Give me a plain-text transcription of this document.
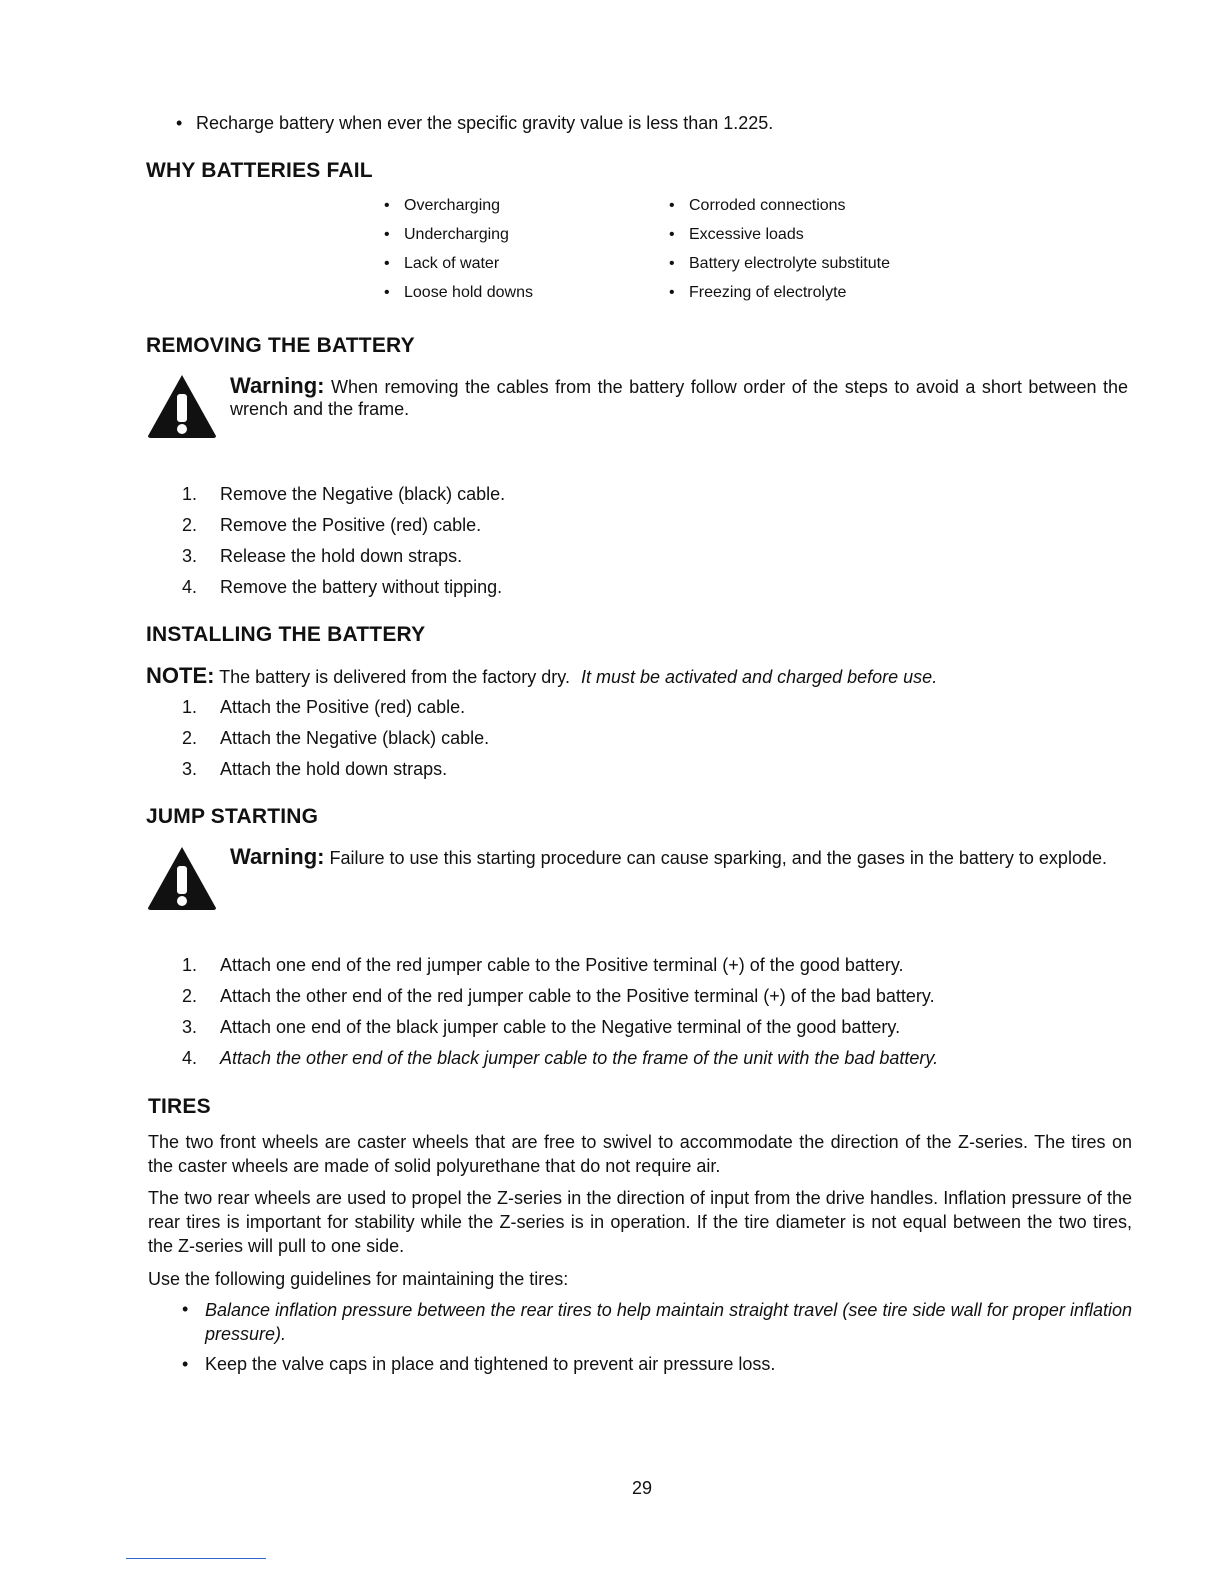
• Recharge battery when ever the specific gravity value is less than 1.225.
WHY BATTERIES FAIL
• Overcharging
• Undercharging
• Lack of water
• Loose hold downs
• Corroded connections
• Excessive loads
• Battery electrolyte substitute
• Freezing of electrolyte
REMOVING THE BATTERY
Warning: When removing the cables from the battery follow order of the steps to avoid a short between the wrench and the frame.
1. Remove the Negative (black) cable.
2. Remove the Positive (red) cable.
3. Release the hold down straps.
4. Remove the battery without tipping.
INSTALLING THE BATTERY
NOTE: The battery is delivered from the factory dry. It must be activated and charged before use.
1. Attach the Positive (red) cable.
2. Attach the Negative (black) cable.
3. Attach the hold down straps.
JUMP STARTING
Warning: Failure to use this starting procedure can cause sparking, and the gases in the battery to explode.
1. Attach one end of the red jumper cable to the Positive terminal (+) of the good battery.
2. Attach the other end of the red jumper cable to the Positive terminal (+) of the bad battery.
3. Attach one end of the black jumper cable to the Negative terminal of the good battery.
4. Attach the other end of the black jumper cable to the frame of the unit with the bad battery.
TIRES
The two front wheels are caster wheels that are free to swivel to accommodate the direction of the Z-series. The tires on the caster wheels are made of solid polyurethane that do not require air.
The two rear wheels are used to propel the Z-series in the direction of input from the drive handles. Inflation pressure of the rear tires is important for stability while the Z-series is in operation. If the tire diameter is not equal between the two tires, the Z-series will pull to one side.
Use the following guidelines for maintaining the tires:
• Balance inflation pressure between the rear tires to help maintain straight travel (see tire side wall for proper inflation pressure).
• Keep the valve caps in place and tightened to prevent air pressure loss.
29
